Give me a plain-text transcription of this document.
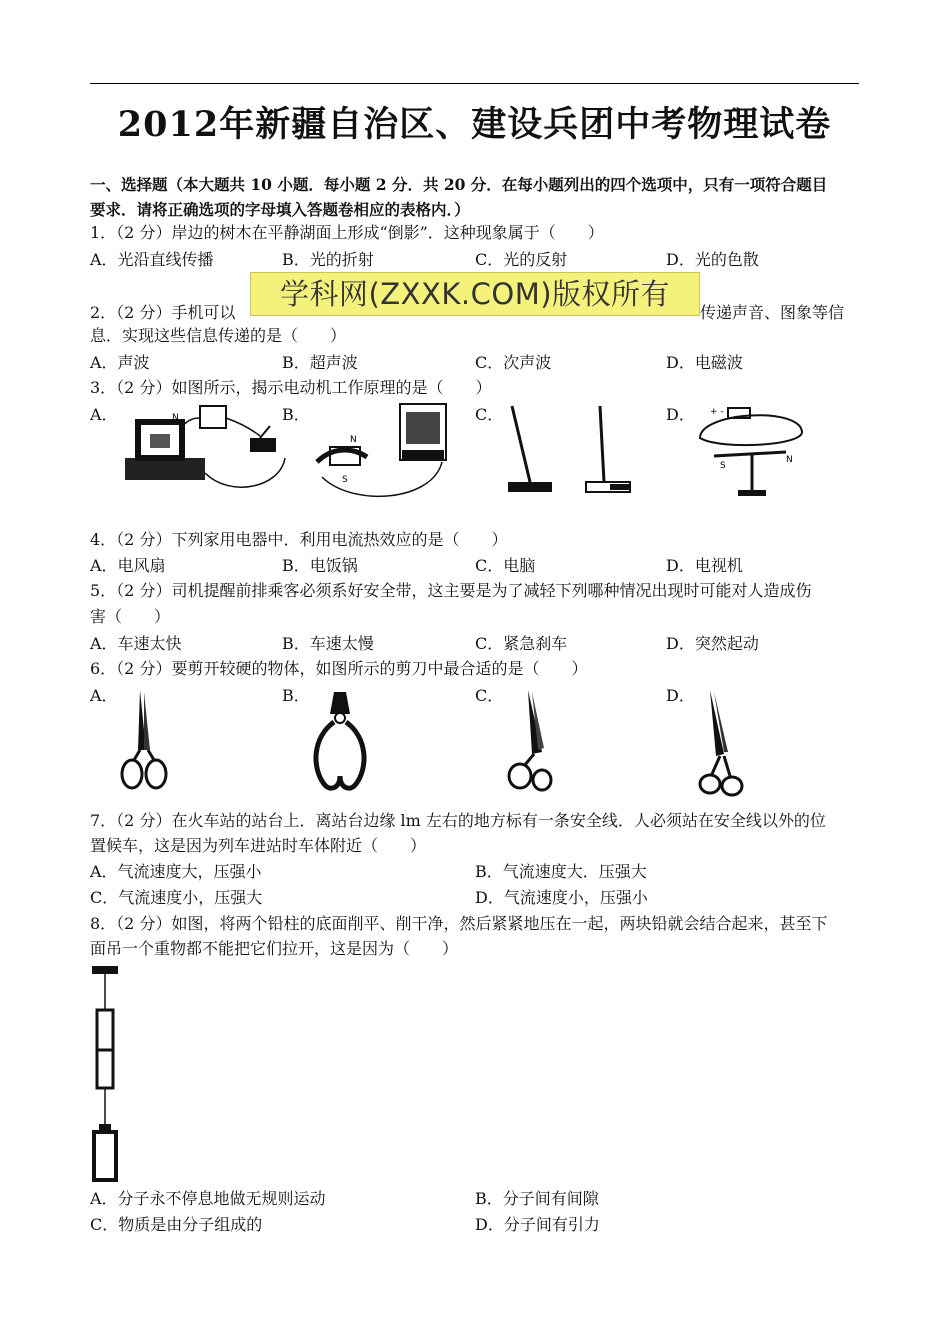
2012年新疆自治区、建设兵团中考物理试卷
一、选择题（本大题共 10 小题．每小题 2 分．共 20 分．在每小题列出的四个选项中，只有一项符合题目
要求．请将正确选项的字母填入答题卷相应的表格内．）
1．（2 分）岸边的树木在平静湖面上形成“倒影”．这种现象属于（　　）
A．光沿直线传播	B．光的折射	C．光的反射	D．光的色散
学科网(ZXXK.COM)版权所有
2．（2 分）手机可以	传递声音、图象等信
息．实现这些信息传递的是（　　）
A．声波	B．超声波	C．次声波	D．电磁波
3．（2 分）如图所示，揭示电动机工作原理的是（　　）
A．	B．	C．	D．
N
N
S
+ -
S
N
4．（2 分）下列家用电器中．利用电流热效应的是（　　）
A．电风扇	B．电饭锅	C．电脑	D．电视机
5．（2 分）司机提醒前排乘客必须系好安全带，这主要是为了减轻下列哪种情况出现时可能对人造成伤
害（　　）
A．车速太快	B．车速太慢	C．紧急刹车	D．突然起动
6．（2 分）要剪开较硬的物体，如图所示的剪刀中最合适的是（　　）
A．	B．	C．	D．
7．（2 分）在火车站的站台上．离站台边缘 lm 左右的地方标有一条安全线．人必须站在安全线以外的位
置候车，这是因为列车进站时车体附近（　　）
A．气流速度大，压强小	B．气流速度大．压强大
C．气流速度小，压强大	D．气流速度小，压强小
8．（2 分）如图，将两个铅柱的底面削平、削干净，然后紧紧地压在一起，两块铅就会结合起来，甚至下
面吊一个重物都不能把它们拉开，这是因为（　　）
A．分子永不停息地做无规则运动	B．分子间有间隙
C．物质是由分子组成的	D．分子间有引力
